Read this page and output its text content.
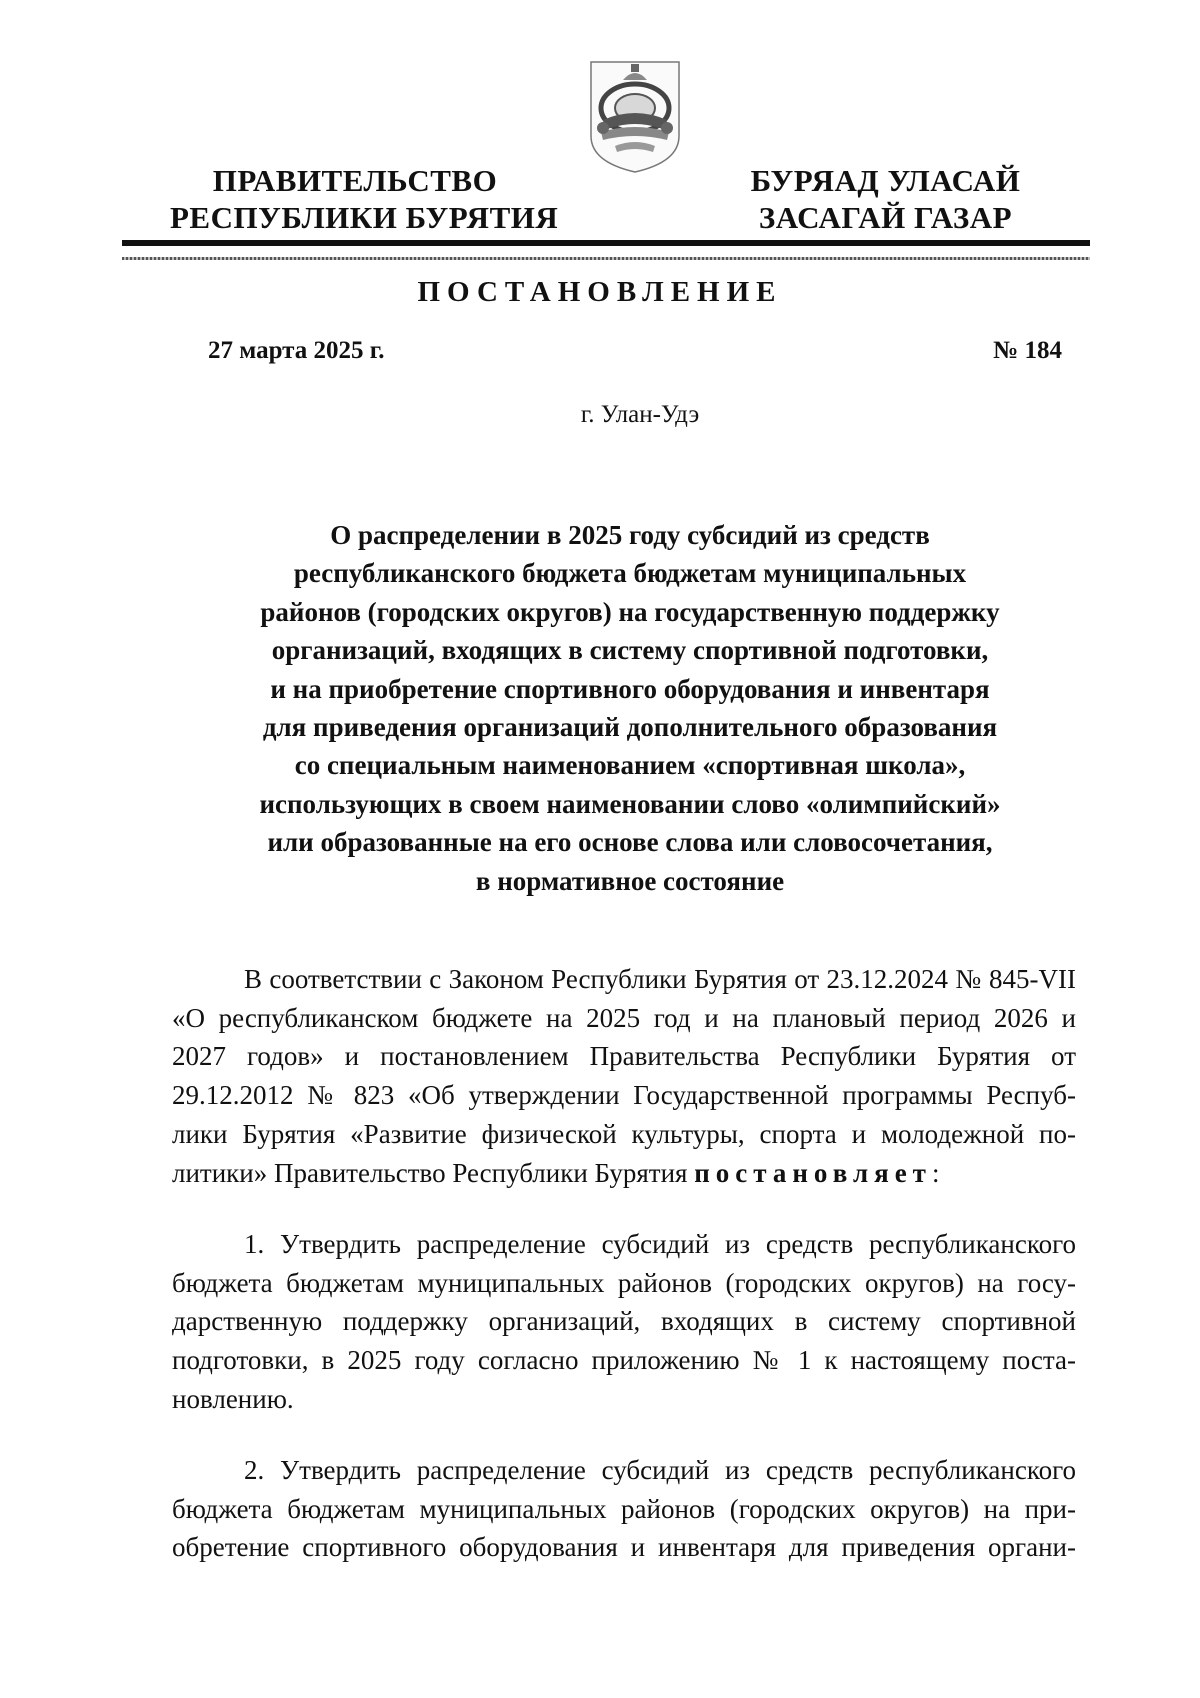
ПРАВИТЕЛЬСТВО
РЕСПУБЛИКИ БУРЯТИЯ
БУРЯАД УЛАСАЙ
ЗАСАГАЙ ГАЗАР
ПОСТАНОВЛЕНИЕ
27 марта 2025 г.	№ 184
г. Улан-Удэ
О распределении в 2025 году субсидий из средств
республиканского бюджета бюджетам муниципальных
районов (городских округов) на государственную поддержку
организаций, входящих в систему спортивной подготовки,
и на приобретение спортивного оборудования и инвентаря
для приведения организаций дополнительного образования
со специальным наименованием «спортивная школа»,
использующих в своем наименовании слово «олимпийский»
или образованные на его основе слова или словосочетания,
в нормативное состояние
В соответствии с Законом Республики Бурятия от 23.12.2024 № 845-VII
«О республиканском бюджете на 2025 год и на плановый период 2026 и
2027 годов» и постановлением Правительства Республики Бурятия от
29.12.2012 № 823 «Об утверждении Государственной программы Респуб-
лики Бурятия «Развитие физической культуры, спорта и молодежной по-
литики» Правительство Республики Бурятия постановляет:
1. Утвердить распределение субсидий из средств республиканского
бюджета бюджетам муниципальных районов (городских округов) на госу-
дарственную поддержку организаций, входящих в систему спортивной
подготовки, в 2025 году согласно приложению № 1 к настоящему поста-
новлению.
2. Утвердить распределение субсидий из средств республиканского
бюджета бюджетам муниципальных районов (городских округов) на при-
обретение спортивного оборудования и инвентаря для приведения органи-
